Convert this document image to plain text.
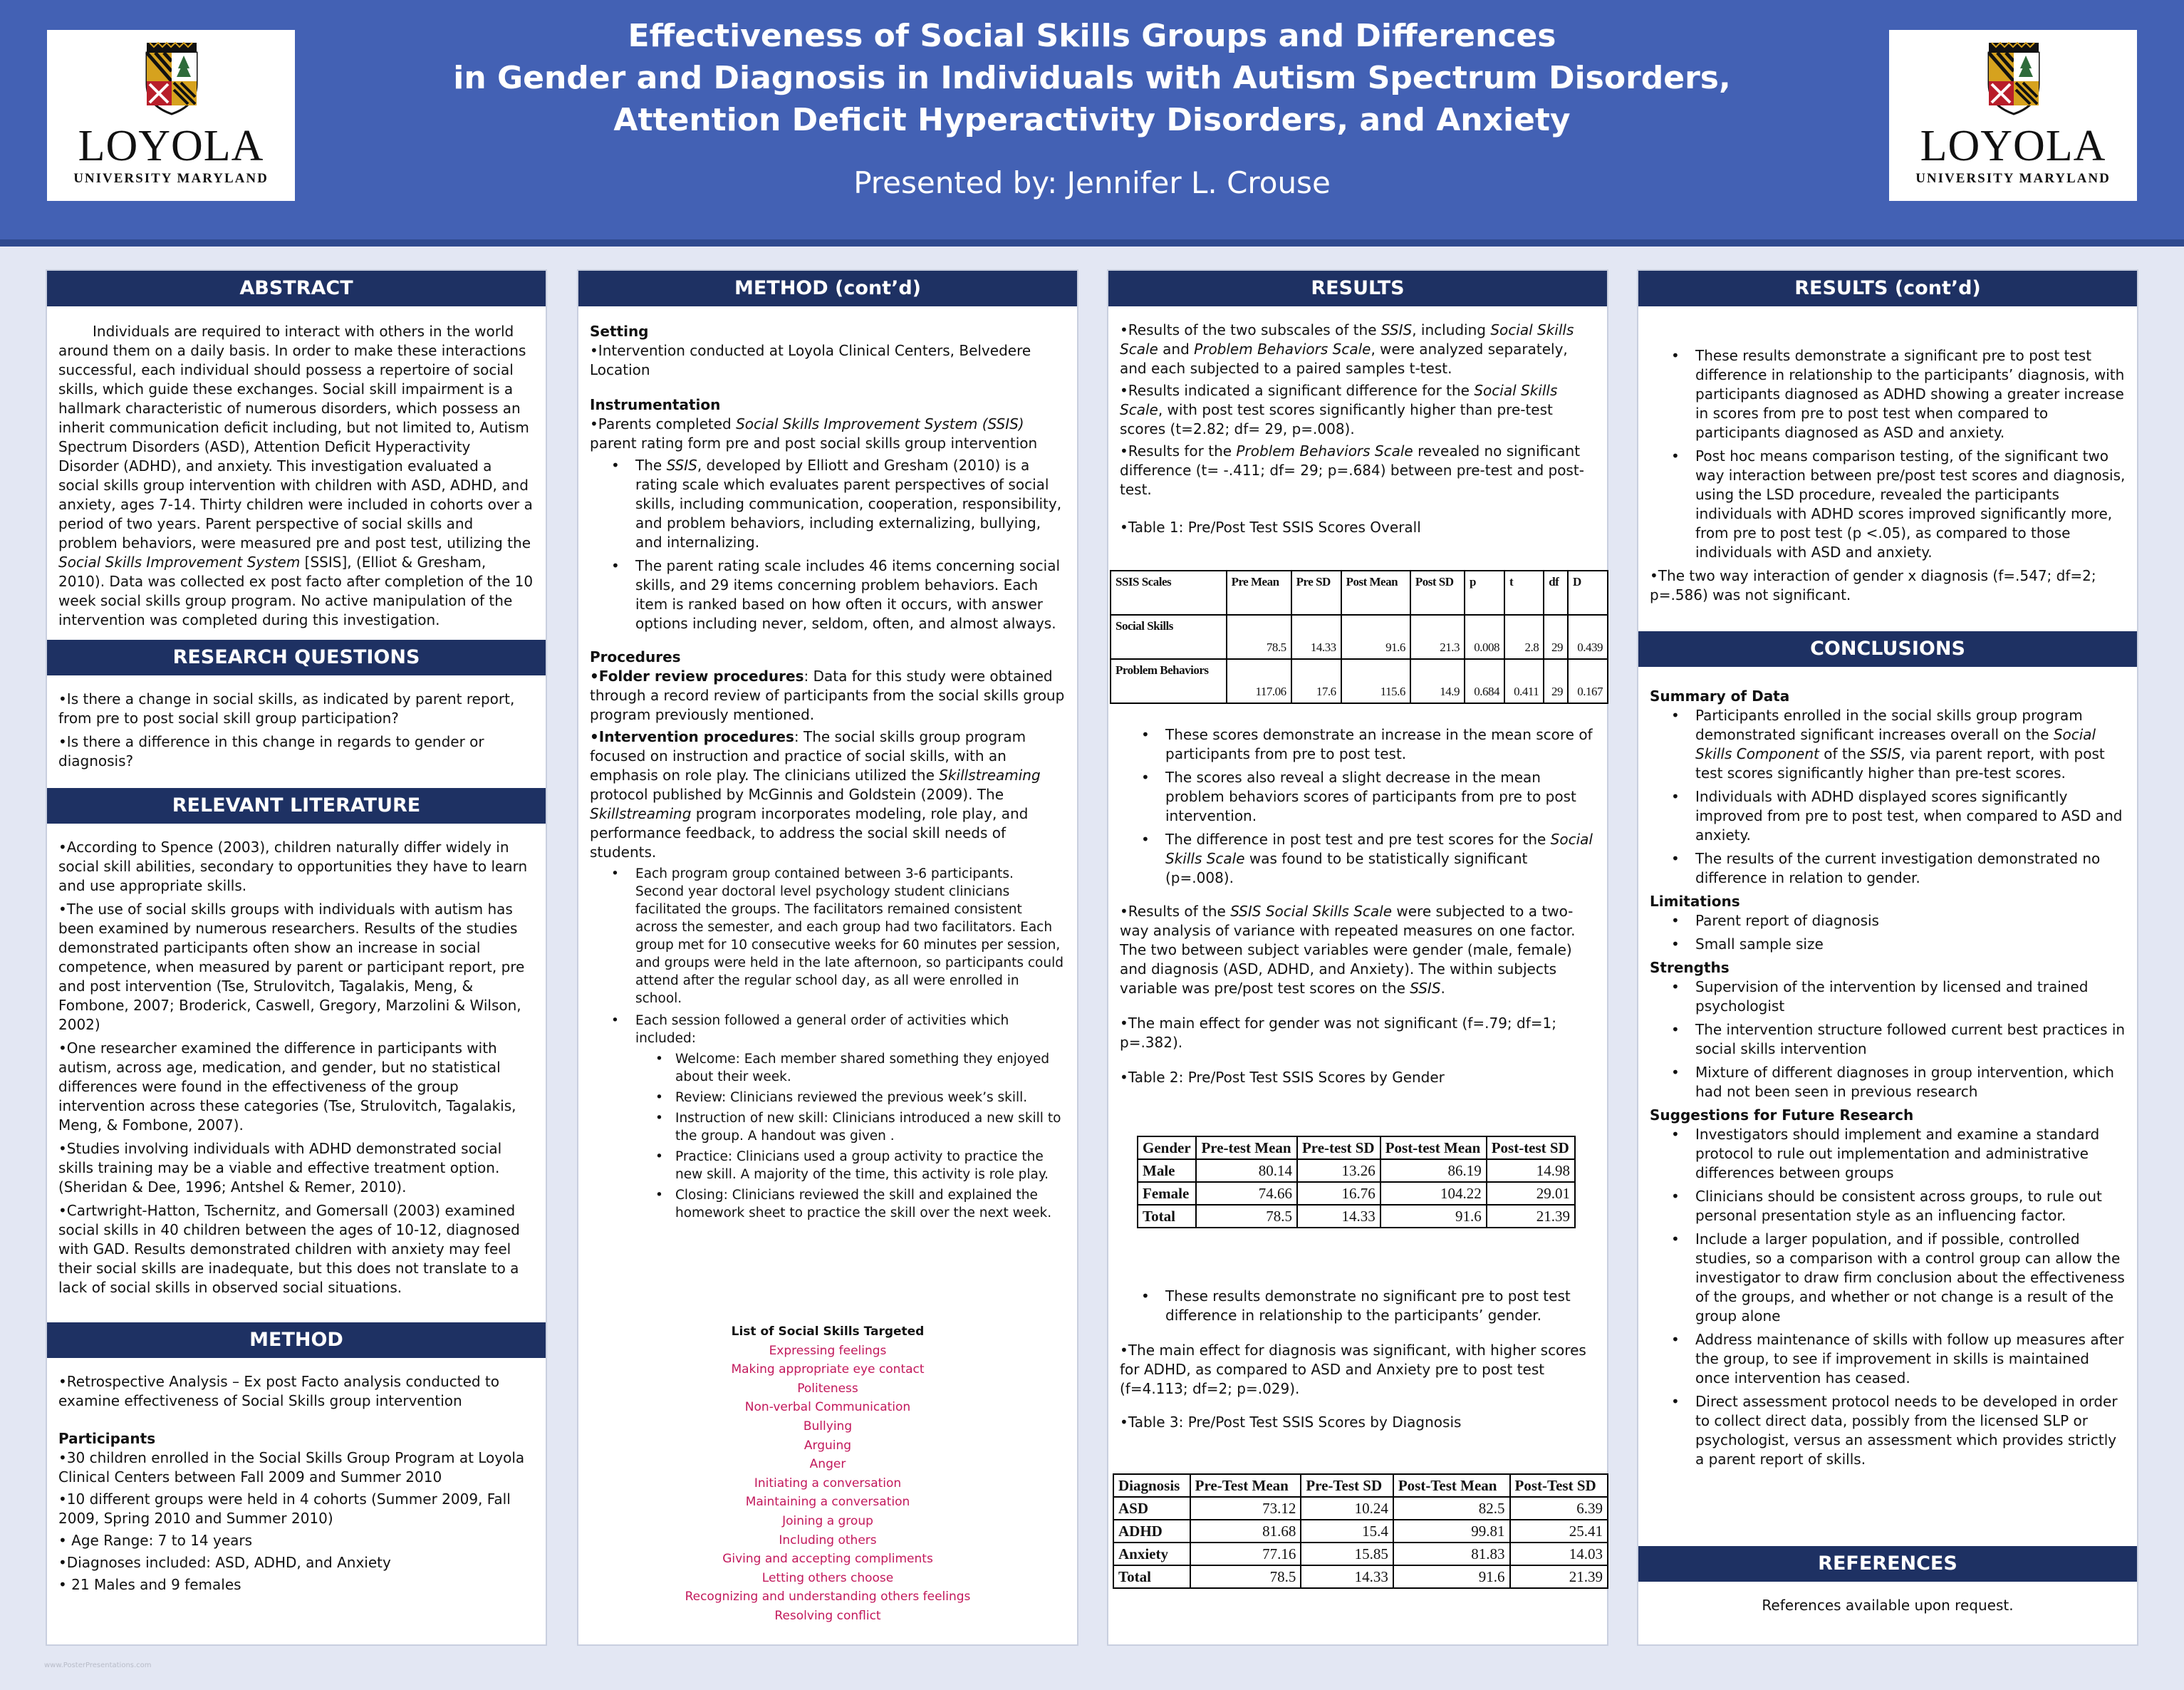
LOYOLA
UNIVERSITY MARYLAND
Effectiveness of Social Skills Groups and Differences
in Gender and Diagnosis in Individuals with Autism Spectrum Disorders,
Attention Deficit Hyperactivity Disorders, and Anxiety
Presented by: Jennifer L. Crouse
LOYOLA
UNIVERSITY MARYLAND
ABSTRACT

Individuals are required to interact with others in the world around them on a daily basis. In order to make these interactions successful, each individual should possess a repertoire of social skills, which guide these exchanges. Social skill impairment is a hallmark characteristic of numerous disorders, which possess an inherit communication deficit including, but not limited to, Autism Spectrum Disorders (ASD), Attention Deficit Hyperactivity Disorder (ADHD), and anxiety. This investigation evaluated a social skills group intervention with children with ASD, ADHD, and anxiety, ages 7-14. Thirty children were included in cohorts over a period of two years. Parent perspective of social skills and problem behaviors, were measured pre and post test, utilizing the Social Skills Improvement System [SSIS], (Elliot & Gresham, 2010). Data was collected ex post facto after completion of the 10 week social skills group program. No active manipulation of the intervention was completed during this investigation.

RESEARCH QUESTIONS

•Is there a change in social skills, as indicated by parent report, from pre to post social skill group participation?

•Is there a difference in this change in regards to gender or diagnosis?

RELEVANT LITERATURE

•According to Spence (2003), children naturally differ widely in social skill abilities, secondary to opportunities they have to learn and use appropriate skills.

•The use of social skills groups with individuals with autism has been examined by numerous researchers. Results of the studies demonstrated participants often show an increase in social competence, when measured by parent or participant report, pre and post intervention (Tse, Strulovitch, Tagalakis, Meng, & Fombone, 2007; Broderick, Caswell, Gregory, Marzolini & Wilson, 2002)

•One researcher examined the difference in participants with autism, across age, medication, and gender, but no statistical differences were found in the effectiveness of the group intervention across these categories (Tse, Strulovitch, Tagalakis, Meng, & Fombone, 2007).

•Studies involving individuals with ADHD demonstrated social skills training may be a viable and effective treatment option.(Sheridan & Dee, 1996; Antshel & Remer, 2010).

•Cartwright-Hatton, Tschernitz, and Gomersall (2003) examined social skills in 40 children between the ages of 10-12, diagnosed with GAD. Results demonstrated children with anxiety may feel their social skills are inadequate, but this does not translate to a lack of social skills in observed social situations.

METHOD

•Retrospective Analysis – Ex post Facto analysis conducted to examine effectiveness of Social Skills group intervention

Participants

•30 children enrolled in the Social Skills Group Program at Loyola Clinical Centers between Fall 2009 and Summer 2010

•10 different groups were held in 4 cohorts (Summer 2009, Fall 2009, Spring 2010 and Summer 2010)

• Age Range: 7 to 14 years

•Diagnoses included: ASD, ADHD, and Anxiety

• 21 Males and 9 females

METHOD (cont’d)

Setting

•Intervention conducted at Loyola Clinical Centers, Belvedere Location

Instrumentation

•Parents completed Social Skills Improvement System (SSIS) parent rating form pre and post social skills group intervention

• The SSIS, developed by Elliott and Gresham (2010) is a rating scale which evaluates parent perspectives of social skills, including communication, cooperation, responsibility, and problem behaviors, including externalizing, bullying, and internalizing.
• The parent rating scale includes 46 items concerning social skills, and 29 items concerning problem behaviors. Each item is ranked based on how often it occurs, with answer options including never, seldom, often, and almost always.

Procedures

•Folder review procedures: Data for this study were obtained through a record review of participants from the social skills group program previously mentioned.

•Intervention procedures: The social skills group program focused on instruction and practice of social skills, with an emphasis on role play. The clinicians utilized the Skillstreaming protocol published by McGinnis and Goldstein (2009). The Skillstreaming program incorporates modeling, role play, and performance feedback, to address the social skill needs of students.

• Each program group contained between 3-6 participants. Second year doctoral level psychology student clinicians facilitated the groups. The facilitators remained consistent across the semester, and each group had two facilitators. Each group met for 10 consecutive weeks for 60 minutes per session, and groups were held in the late afternoon, so participants could attend after the regular school day, as all were enrolled in school.
• Each session followed a general order of activities which included:
• Welcome: Each member shared something they enjoyed about their week.
• Review: Clinicians reviewed the previous week’s skill.
• Instruction of new skill: Clinicians introduced a new skill to the group. A handout was given .
• Practice: Clinicians used a group activity to practice the new skill. A majority of the time, this activity is role play.
• Closing: Clinicians reviewed the skill and explained the homework sheet to practice the skill over the next week.
List of Social Skills Targeted
Expressing feelings
Making appropriate eye contact
Politeness
Non-verbal Communication
Bullying
Arguing
Anger
Initiating a conversation
Maintaining a conversation
Joining a group
Including others
Giving and accepting compliments
Letting others choose
Recognizing and understanding others feelings
Resolving conflict
RESULTS

•Results of the two subscales of the SSIS, including Social Skills Scale and Problem Behaviors Scale, were analyzed separately, and each subjected to a paired samples t-test.

•Results indicated a significant difference for the Social Skills Scale, with post test scores significantly higher than pre-test scores (t=2.82; df= 29, p=.008).

•Results for the Problem Behaviors Scale revealed no significant difference (t= -.411; df= 29; p=.684) between pre-test and post-test.

•Table 1: Pre/Post Test SSIS Scores Overall

SSIS Scales	Pre Mean	Pre SD	Post Mean	Post SD	p	t	df	D
Social Skills	78.5	14.33	91.6	21.3	0.008	2.8	29	0.439
Problem Behaviors	117.06	17.6	115.6	14.9	0.684	0.411	29	0.167
• These scores demonstrate an increase in the mean score of participants from pre to post test.
• The scores also reveal a slight decrease in the mean problem behaviors scores of participants from pre to post intervention.
• The difference in post test and pre test scores for the Social Skills Scale was found to be statistically significant (p=.008).

•Results of the SSIS Social Skills Scale were subjected to a two-way analysis of variance with repeated measures on one factor. The two between subject variables were gender (male, female) and diagnosis (ASD, ADHD, and Anxiety). The within subjects variable was pre/post test scores on the SSIS.

•The main effect for gender was not significant (f=.79; df=1; p=.382).

•Table 2: Pre/Post Test SSIS Scores by Gender

Gender	Pre-test Mean	Pre-test SD	Post-test Mean	Post-test SD
Male	80.14	13.26	86.19	14.98
Female	74.66	16.76	104.22	29.01
Total	78.5	14.33	91.6	21.39
• These results demonstrate no significant pre to post test difference in relationship to the participants’ gender.

•The main effect for diagnosis was significant, with higher scores for ADHD, as compared to ASD and Anxiety pre to post test (f=4.113; df=2; p=.029).

•Table 3: Pre/Post Test SSIS Scores by Diagnosis

Diagnosis	Pre-Test Mean	Pre-Test SD	Post-Test Mean	Post-Test SD
ASD	73.12	10.24	82.5	6.39
ADHD	81.68	15.4	99.81	25.41
Anxiety	77.16	15.85	81.83	14.03
Total	78.5	14.33	91.6	21.39
RESULTS (cont’d)
• These results demonstrate a significant pre to post test difference in relationship to the participants’ diagnosis, with participants diagnosed as ADHD showing a greater increase in scores from pre to post test when compared to participants diagnosed as ASD and anxiety.
• Post hoc means comparison testing, of the significant two way interaction between pre/post test scores and diagnosis, using the LSD procedure, revealed the participants individuals with ADHD scores improved significantly more, from pre to post test (p <.05), as compared to those individuals with ASD and anxiety.

•The two way interaction of gender x diagnosis (f=.547; df=2; p=.586) was not significant.

CONCLUSIONS

Summary of Data

• Participants enrolled in the social skills group program demonstrated significant increases overall on the Social Skills Component of the SSIS, via parent report, with post test scores significantly higher than pre-test scores.
• Individuals with ADHD displayed scores significantly improved from pre to post test, when compared to ASD and anxiety.
• The results of the current investigation demonstrated no difference in relation to gender.

Limitations

• Parent report of diagnosis
• Small sample size

Strengths

• Supervision of the intervention by licensed and trained psychologist
• The intervention structure followed current best practices in social skills intervention
• Mixture of different diagnoses in group intervention, which had not been seen in previous research

Suggestions for Future Research

• Investigators should implement and examine a standard protocol to rule out implementation and administrative differences between groups
• Clinicians should be consistent across groups, to rule out personal presentation style as an influencing factor.
• Include a larger population, and if possible, controlled studies, so a comparison with a control group can allow the investigator to draw firm conclusion about the effectiveness of the groups, and whether or not change is a result of the group alone
• Address maintenance of skills with follow up measures after the group, to see if improvement in skills is maintained once intervention has ceased.
• Direct assessment protocol needs to be developed in order to collect direct data, possibly from the licensed SLP or psychologist, versus an assessment which provides strictly a parent report of skills.
REFERENCES
References available upon request.
www.PosterPresentations.com
